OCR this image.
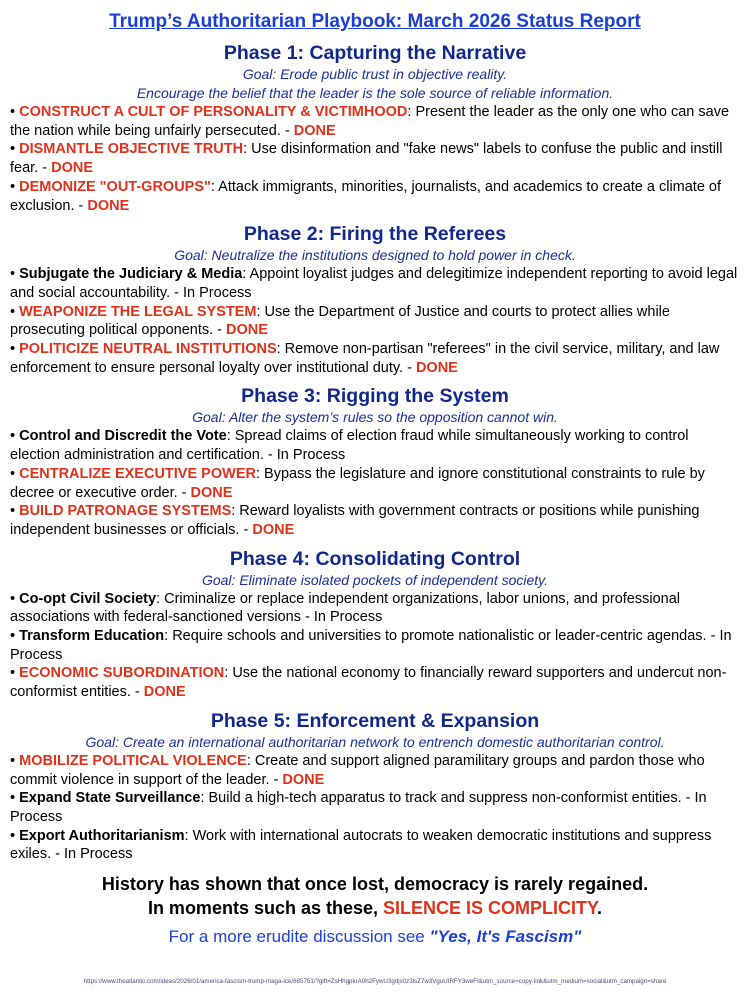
Trump’s Authoritarian Playbook: March 2026 Status Report
Phase 1: Capturing the Narrative
Goal: Erode public trust in objective reality.
Encourage the belief that the leader is the sole source of reliable information.
• CONSTRUCT A CULT OF PERSONALITY & VICTIMHOOD: Present the leader as the only one who can save the nation while being unfairly persecuted. - DONE
• DISMANTLE OBJECTIVE TRUTH: Use disinformation and "fake news" labels to confuse the public and instill fear. - DONE
• DEMONIZE "OUT-GROUPS": Attack immigrants, minorities, journalists, and academics to create a climate of exclusion. - DONE
Phase 2: Firing the Referees
Goal: Neutralize the institutions designed to hold power in check.
• Subjugate the Judiciary & Media: Appoint loyalist judges and delegitimize independent reporting to avoid legal and social accountability. - In Process
• WEAPONIZE THE LEGAL SYSTEM: Use the Department of Justice and courts to protect allies while prosecuting political opponents. - DONE
• POLITICIZE NEUTRAL INSTITUTIONS: Remove non-partisan "referees" in the civil service, military, and law enforcement to ensure personal loyalty over institutional duty. - DONE
Phase 3: Rigging the System
Goal: Alter the system’s rules so the opposition cannot win.
• Control and Discredit the Vote: Spread claims of election fraud while simultaneously working to control election administration and certification. - In Process
• CENTRALIZE EXECUTIVE POWER: Bypass the legislature and ignore constitutional constraints to rule by decree or executive order. - DONE
• BUILD PATRONAGE SYSTEMS: Reward loyalists with government contracts or positions while punishing independent businesses or officials. - DONE
Phase 4: Consolidating Control
Goal: Eliminate isolated pockets of independent society.
• Co-opt Civil Society: Criminalize or replace independent organizations, labor unions, and professional associations with federal-sanctioned versions - In Process
• Transform Education: Require schools and universities to promote nationalistic or leader-centric agendas. - In Process
• ECONOMIC SUBORDINATION: Use the national economy to financially reward supporters and undercut non-conformist entities. - DONE
Phase 5: Enforcement & Expansion
Goal: Create an international authoritarian network to entrench domestic authoritarian control.
• MOBILIZE POLITICAL VIOLENCE: Create and support aligned paramilitary groups and pardon those who commit violence in support of the leader. - DONE
• Expand State Surveillance: Build a high-tech apparatus to track and suppress non-conformist entities. - In Process
• Export Authoritarianism: Work with international autocrats to weaken democratic institutions and suppress exiles. - In Process
History has shown that once lost, democracy is rarely regained.
In moments such as these, SILENCE IS COMPLICITY.
For a more erudite discussion see "Yes, It's Fascism"
https://www.theatlantic.com/ideas/2026/01/america-fascism-trump-maga-ice/685751/?gift=ZsHhgpkrA0h2FywU3gdjs0z3lsZ7w3VguUtRFY3weFI&utm_source=copy-link&utm_medium=social&utm_campaign=share
